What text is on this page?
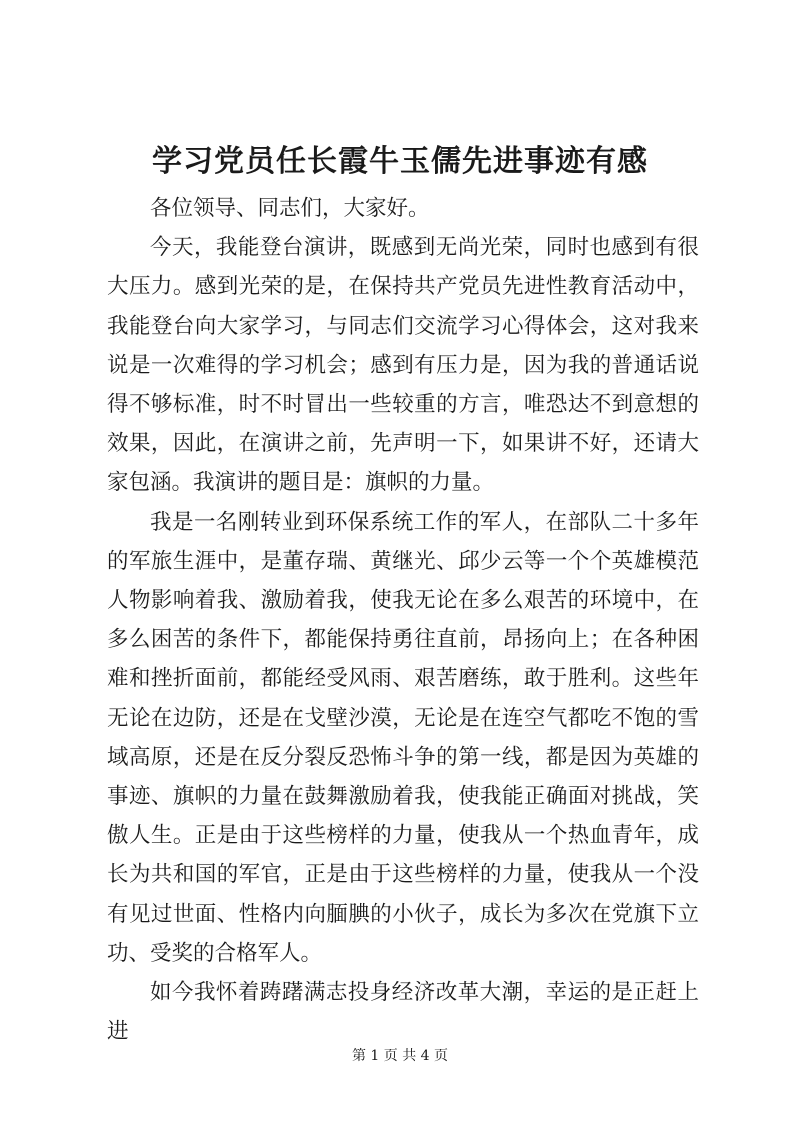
学习党员任长霞牛玉儒先进事迹有感

各位领导、同志们，大家好。

今天，我能登台演讲，既感到无尚光荣，同时也感到有很大压力。感到光荣的是，在保持共产党员先进性教育活动中，我能登台向大家学习，与同志们交流学习心得体会，这对我来说是一次难得的学习机会；感到有压力是，因为我的普通话说得不够标准，时不时冒出一些较重的方言，唯恐达不到意想的效果，因此，在演讲之前，先声明一下，如果讲不好，还请大家包涵。我演讲的题目是：旗帜的力量。

我是一名刚转业到环保系统工作的军人，在部队二十多年的军旅生涯中，是董存瑞、黄继光、邱少云等一个个英雄模范人物影响着我、激励着我，使我无论在多么艰苦的环境中，在多么困苦的条件下，都能保持勇往直前，昂扬向上；在各种困难和挫折面前，都能经受风雨、艰苦磨练，敢于胜利。这些年无论在边防，还是在戈壁沙漠，无论是在连空气都吃不饱的雪域高原，还是在反分裂反恐怖斗争的第一线，都是因为英雄的事迹、旗帜的力量在鼓舞激励着我，使我能正确面对挑战，笑傲人生。正是由于这些榜样的力量，使我从一个热血青年，成长为共和国的军官，正是由于这些榜样的力量，使我从一个没有见过世面、性格内向腼腆的小伙子，成长为多次在党旗下立功、受奖的合格军人。

如今我怀着踌躇满志投身经济改革大潮，幸运的是正赶上进

第 1 页 共 4 页
